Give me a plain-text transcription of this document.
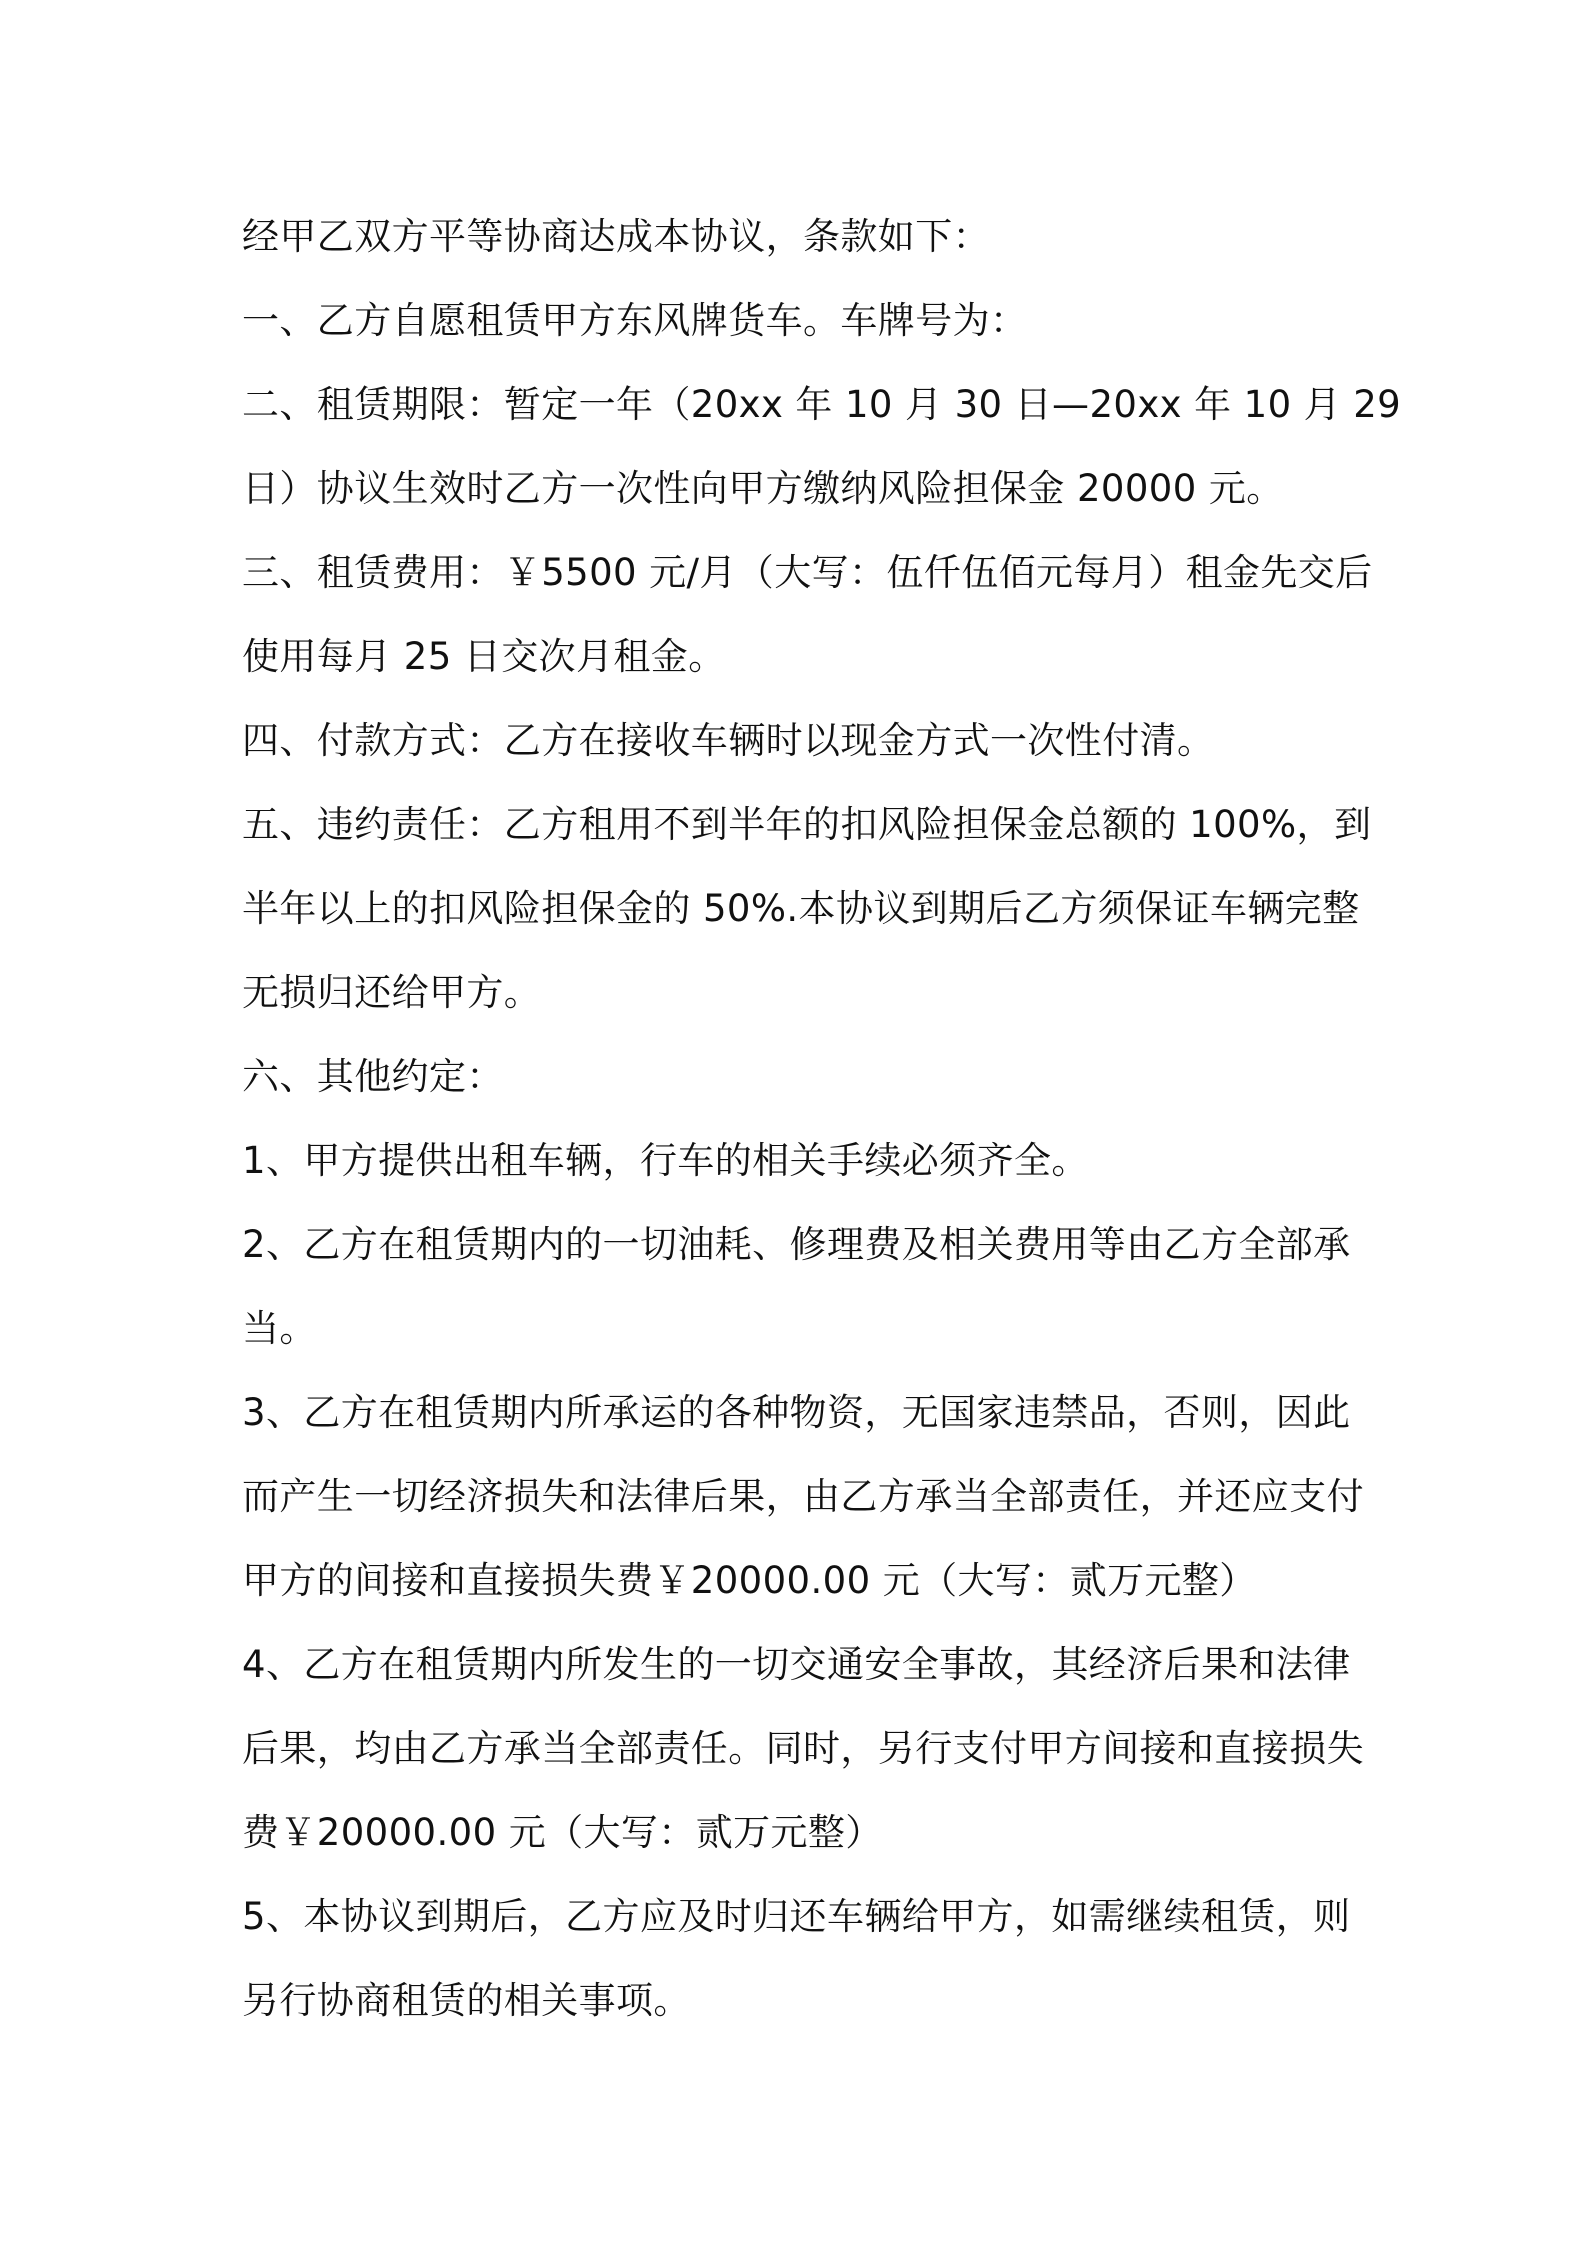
经甲乙双方平等协商达成本协议，条款如下：

一、乙方自愿租赁甲方东风牌货车。车牌号为：

二、租赁期限：暂定一年（20xx 年 10 月 30 日—20xx 年 10 月 29
日）协议生效时乙方一次性向甲方缴纳风险担保金 20000 元。

三、租赁费用：￥5500 元/月（大写：伍仟伍佰元每月）租金先交后
使用每月 25 日交次月租金。

四、付款方式：乙方在接收车辆时以现金方式一次性付清。

五、违约责任：乙方租用不到半年的扣风险担保金总额的 100%，到
半年以上的扣风险担保金的 50%.本协议到期后乙方须保证车辆完整
无损归还给甲方。

六、其他约定：

1、甲方提供出租车辆，行车的相关手续必须齐全。

2、乙方在租赁期内的一切油耗、修理费及相关费用等由乙方全部承
当。

3、乙方在租赁期内所承运的各种物资，无国家违禁品，否则，因此
而产生一切经济损失和法律后果，由乙方承当全部责任，并还应支付
甲方的间接和直接损失费￥20000.00 元（大写：贰万元整）

4、乙方在租赁期内所发生的一切交通安全事故，其经济后果和法律
后果，均由乙方承当全部责任。同时，另行支付甲方间接和直接损失
费￥20000.00 元（大写：贰万元整）

5、本协议到期后，乙方应及时归还车辆给甲方，如需继续租赁，则
另行协商租赁的相关事项。
